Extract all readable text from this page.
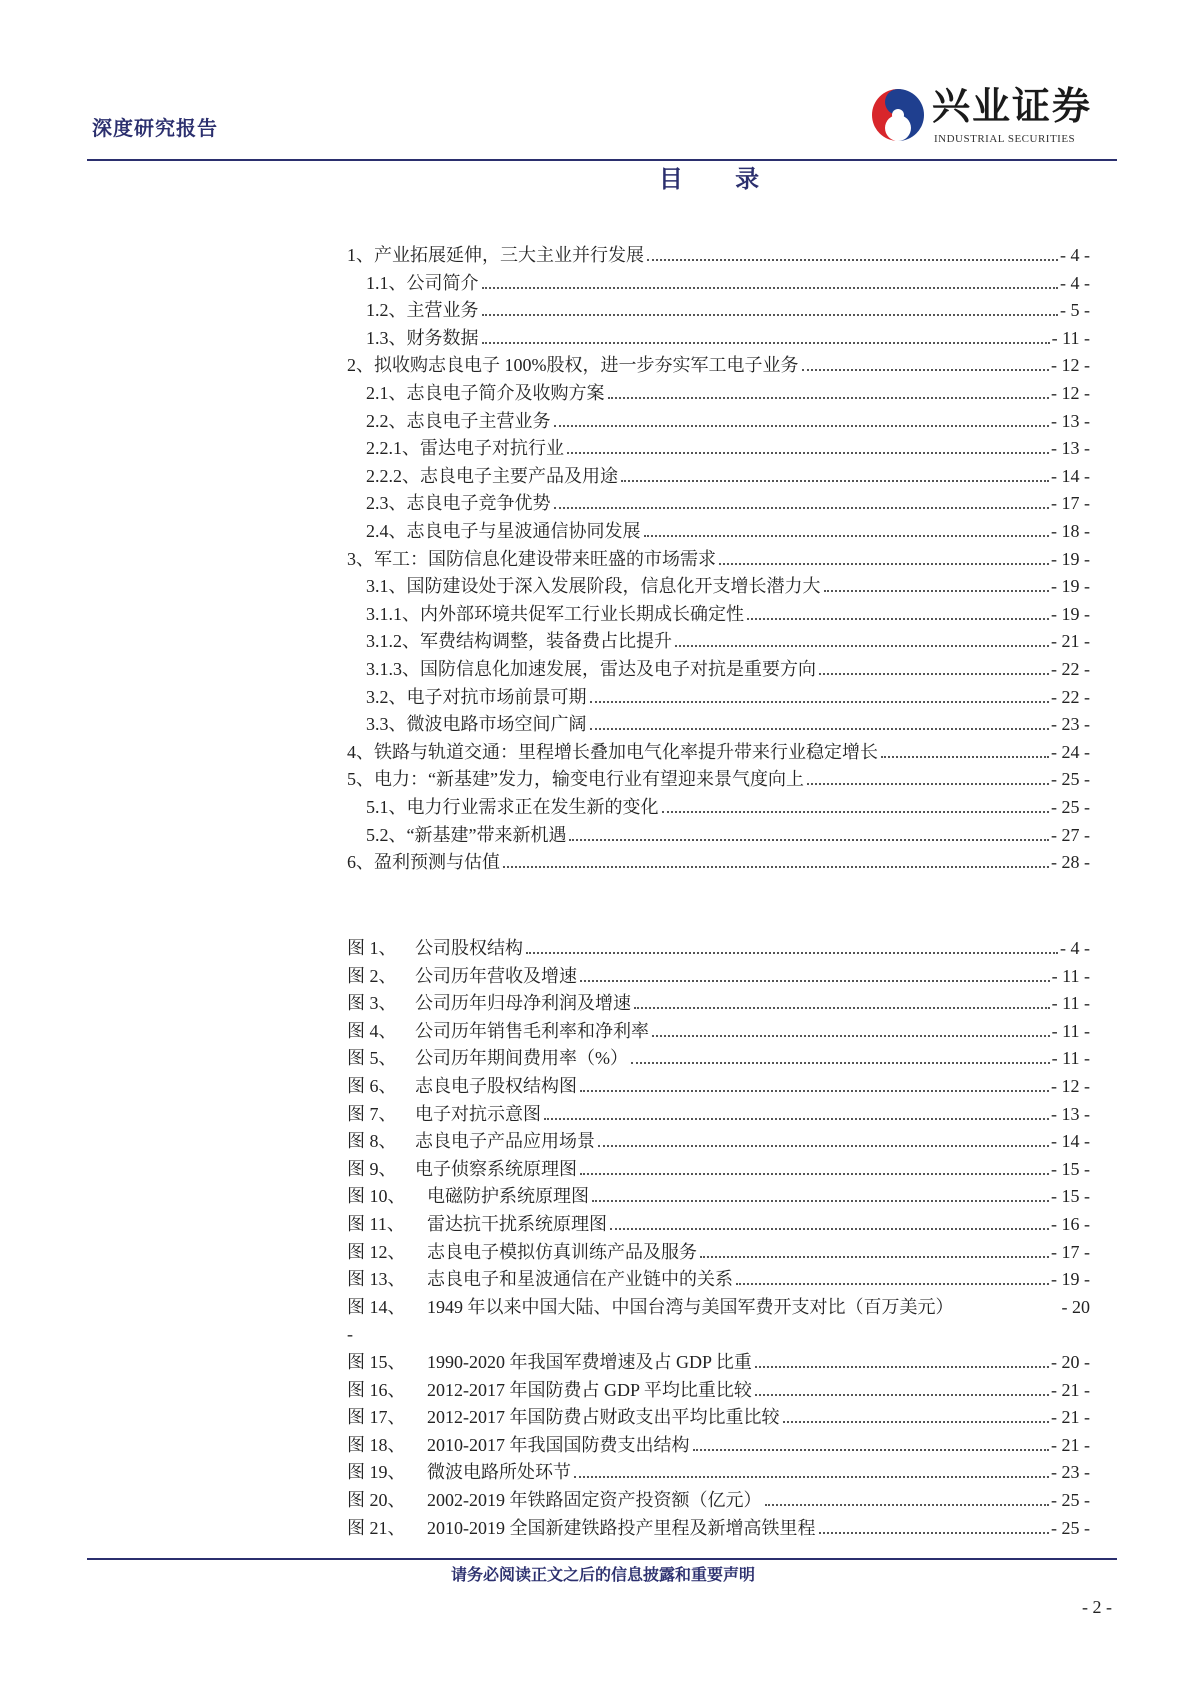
深度研究报告	兴业证券
INDUSTRIAL SECURITIES
目 录
1、产业拓展延伸，三大主业并行发展	- 4 -
1.1、公司简介	- 4 -
1.2、主营业务	- 5 -
1.3、财务数据	- 11 -
2、拟收购志良电子 100%股权，进一步夯实军工电子业务	- 12 -
2.1、志良电子简介及收购方案	- 12 -
2.2、志良电子主营业务	- 13 -
2.2.1、雷达电子对抗行业	- 13 -
2.2.2、志良电子主要产品及用途	- 14 -
2.3、志良电子竞争优势	- 17 -
2.4、志良电子与星波通信协同发展	- 18 -
3、军工：国防信息化建设带来旺盛的市场需求	- 19 -
3.1、国防建设处于深入发展阶段，信息化开支增长潜力大	- 19 -
3.1.1、内外部环境共促军工行业长期成长确定性	- 19 -
3.1.2、军费结构调整，装备费占比提升	- 21 -
3.1.3、国防信息化加速发展，雷达及电子对抗是重要方向	- 22 -
3.2、电子对抗市场前景可期	- 22 -
3.3、微波电路市场空间广阔	- 23 -
4、铁路与轨道交通：里程增长叠加电气化率提升带来行业稳定增长	- 24 -
5、电力：“新基建”发力，输变电行业有望迎来景气度向上	- 25 -
5.1、电力行业需求正在发生新的变化	- 25 -
5.2、“新基建”带来新机遇	- 27 -
6、盈利预测与估值	- 28 -
图 1、 公司股权结构	- 4 -
图 2、 公司历年营收及增速	- 11 -
图 3、 公司历年归母净利润及增速	- 11 -
图 4、 公司历年销售毛利率和净利率	- 11 -
图 5、 公司历年期间费用率（%）	- 11 -
图 6、 志良电子股权结构图	- 12 -
图 7、 电子对抗示意图	- 13 -
图 8、 志良电子产品应用场景	- 14 -
图 9、 电子侦察系统原理图	- 15 -
图 10、 电磁防护系统原理图	- 15 -
图 11、 雷达抗干扰系统原理图	- 16 -
图 12、 志良电子模拟仿真训练产品及服务	- 17 -
图 13、 志良电子和星波通信在产业链中的关系	- 19 -
图 14、 1949 年以来中国大陆、中国台湾与美国军费开支对比（百万美元）	- 20
-
图 15、 1990-2020 年我国军费增速及占 GDP 比重	- 20 -
图 16、 2012-2017 年国防费占 GDP 平均比重比较	- 21 -
图 17、 2012-2017 年国防费占财政支出平均比重比较	- 21 -
图 18、 2010-2017 年我国国防费支出结构	- 21 -
图 19、 微波电路所处环节	- 23 -
图 20、 2002-2019 年铁路固定资产投资额（亿元）	- 25 -
图 21、 2010-2019 全国新建铁路投产里程及新增高铁里程	- 25 -
请务必阅读正文之后的信息披露和重要声明
- 2 -
